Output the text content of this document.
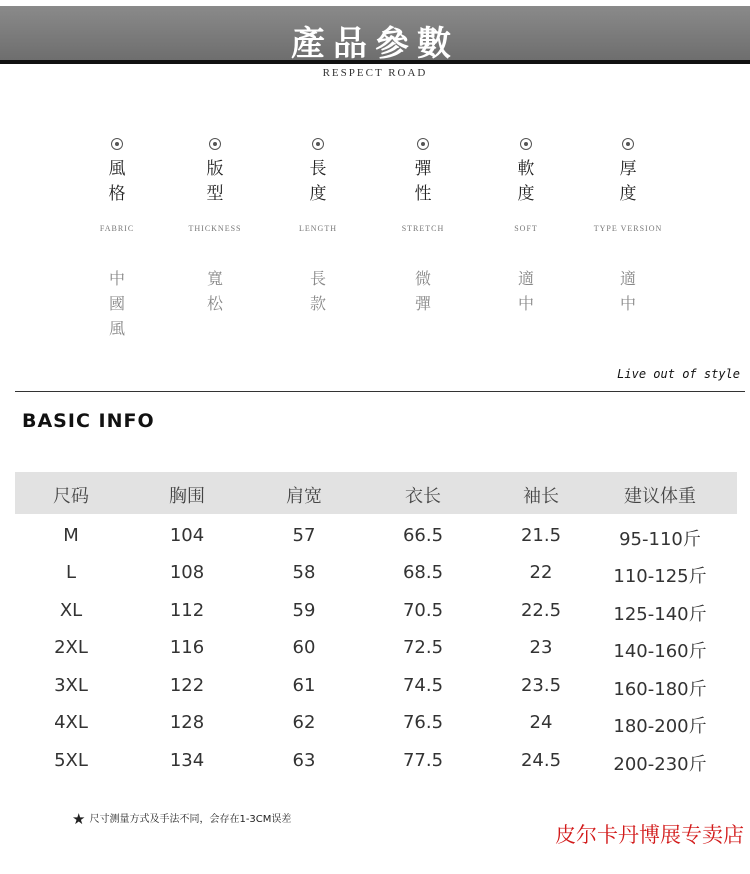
產品參數
RESPECT ROAD
風格
FABRIC
中國風
版型
THICKNESS
寬松
長度
LENGTH
長款
彈性
STRETCH
微彈
軟度
SOFT
適中
厚度
TYPE VERSION
適中
Live out of style
BASIC INFO
尺码	胸围	肩宽	衣长	袖长	建议体重
M	104	57	66.5	21.5	95-110斤
L	108	58	68.5	22	110-125斤
XL	112	59	70.5	22.5	125-140斤
2XL	116	60	72.5	23	140-160斤
3XL	122	61	74.5	23.5	160-180斤
4XL	128	62	76.5	24	180-200斤
5XL	134	63	77.5	24.5	200-230斤
★ 尺寸测量方式及手法不同，会存在1-3CM误差
皮尔卡丹博展专卖店
